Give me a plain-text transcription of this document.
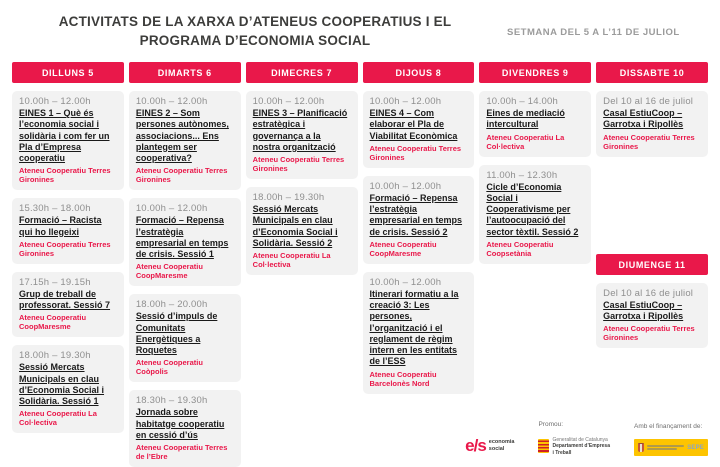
ACTIVITATS DE LA XARXA D’ATENEUS COOPERATIUS I EL PROGRAMA D’ECONOMIA SOCIAL
SETMANA DEL 5 A L’11 DE JULIOL
DILLUNS 5
10.00h – 12.00h
EINES 1 – Què és l’economia social i solidària i com fer un Pla d’Empresa cooperatiu
Ateneu Cooperatiu Terres Gironines
15.30h – 18.00h
Formació – Racista qui ho llegeixi
Ateneu Cooperatiu Terres Gironines
17.15h – 19.15h
Grup de treball de professorat. Sessió 7
Ateneu Cooperatiu CoopMaresme
18.00h – 19.30h
Sessió Mercats Municipals en clau d’Economia Social i Solidària. Sessió 1
Ateneu Cooperatiu La Col·lectiva
DIMARTS 6
10.00h – 12.00h
EINES 2 – Som persones autònomes, associacions... Ens plantegem ser cooperativa?
Ateneu Cooperatiu Terres Gironines
10.00h – 12.00h
Formació – Repensa l’estratègia empresarial en temps de crisis. Sessió 1
Ateneu Cooperatiu CoopMaresme
18.00h – 20.00h
Sessió d’impuls de Comunitats Energètiques a Roquetes
Ateneu Cooperatiu Coòpolis
18.30h – 19.30h
Jornada sobre habitatge cooperatiu en cessió d’ús
Ateneu Cooperatiu Terres de l’Ebre
DIMECRES 7
10.00h – 12.00h
EINES 3 – Planificació estratègica i governança a la nostra organització
Ateneu Cooperatiu Terres Gironines
18.00h – 19.30h
Sessió Mercats Municipals en clau d’Economia Social i Solidària. Sessió 2
Ateneu Cooperatiu La Col·lectiva
DIJOUS 8
10.00h – 12.00h
EINES 4 – Com elaborar el Pla de Viabilitat Econòmica
Ateneu Cooperatiu Terres Gironines
10.00h – 12.00h
Formació – Repensa l’estratègia empresarial en temps de crisis. Sessió 2
Ateneu Cooperatiu CoopMaresme
10.00h – 12.00h
Itinerari formatiu a la creació 3: Les persones, l’organització i el reglament de règim intern en les entitats de l’ESS
Ateneu Cooperatiu Barcelonès Nord
DIVENDRES 9
10.00h – 14.00h
Eines de mediació intercultural
Ateneu Cooperatiu La Col·lectiva
11.00h – 12.30h
Cicle d’Economia Social i Cooperativisme per l’autoocupació del sector tèxtil. Sessió 2
Ateneu Cooperatiu Coopsetània
DISSABTE 10
Del 10 al 16 de juliol
Casal EstiuCoop – Garrotxa i Ripollès
Ateneu Cooperatiu Terres Gironines
DIUMENGE 11
Del 10 al 16 de juliol
Casal EstiuCoop – Garrotxa i Ripollès
Ateneu Cooperatiu Terres Gironines
e/s economia
social
Promou:
Generalitat de Catalunya
Departament d’Empresa
i Treball
Amb el finançament de:
SEPE
